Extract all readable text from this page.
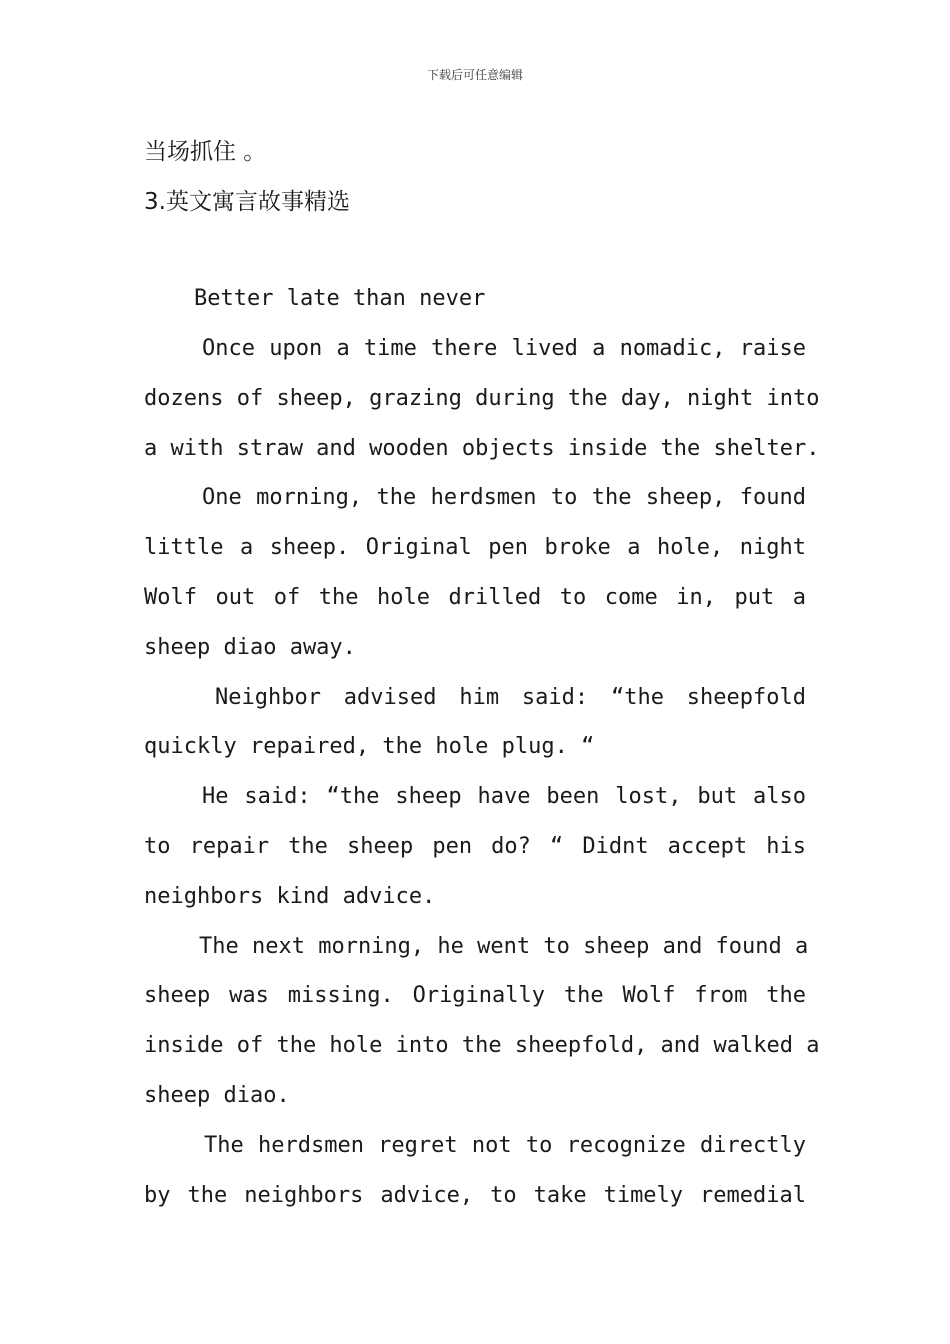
下载后可任意编辑
当场抓住 。
3.英文寓言故事精选
Better late than never
Once upon a time there lived a nomadic, raise
dozens of sheep, grazing during the day, night into
a with straw and wooden objects inside the shelter.
One morning, the herdsmen to the sheep, found
little a sheep. Original pen broke a hole, night
Wolf out of the hole drilled to come in, put a
sheep diao away.
Neighbor advised him said: “the sheepfold
quickly repaired, the hole plug. “
He said: “the sheep have been lost, but also
to repair the sheep pen do? “ Didnt accept his
neighbors kind advice.
The next morning, he went to sheep and found a
sheep was missing. Originally the Wolf from the
inside of the hole into the sheepfold, and walked a
sheep diao.
The herdsmen regret not to recognize directly
by the neighbors advice, to take timely remedial
